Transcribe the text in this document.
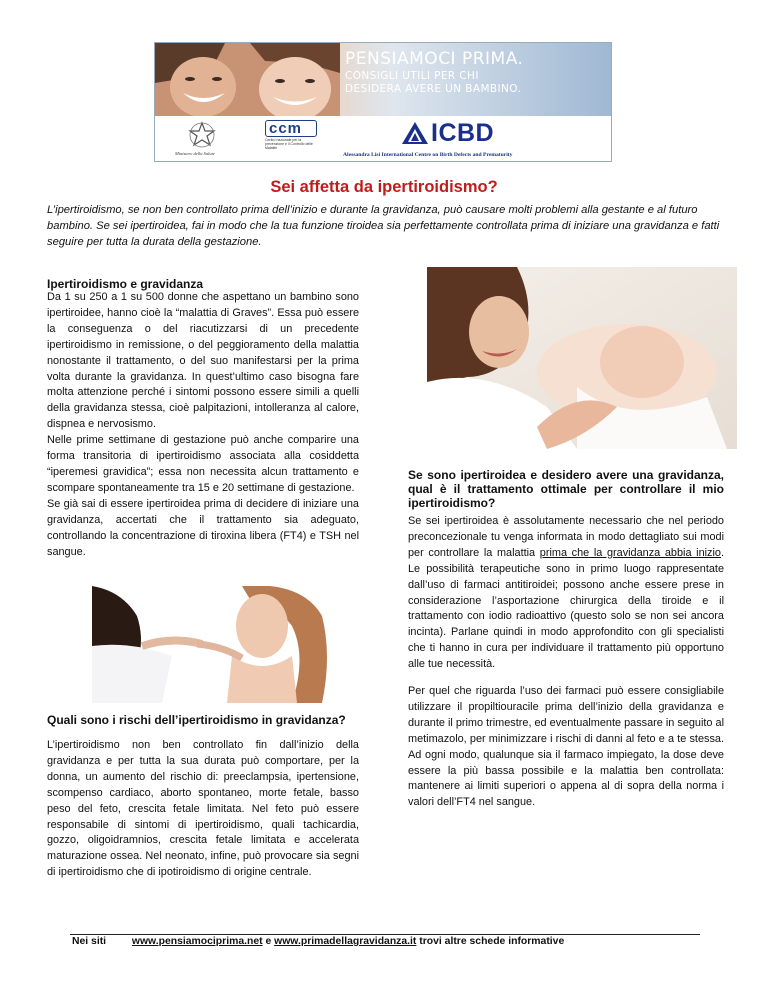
PENSIAMOCI PRIMA.
CONSIGLI UTILI PER CHI
DESIDERA AVERE UN BAMBINO.
Ministero della Salute
ccm
Centro nazionale per la prevenzione e il Controllo delle Malattie
ICBD
Alessandra Lisi International Centre on Birth Defects and Prematurity
Sei affetta da ipertiroidismo?
L’ipertiroidismo, se non ben controllato prima dell’inizio e durante la gravidanza, può causare molti problemi alla gestante e al futuro bambino. Se sei ipertiroidea, fai in modo che la tua funzione tiroidea sia perfettamente controllata prima di iniziare una gravidanza e fatti seguire per tutta la durata della gestazione.
Ipertiroidismo e gravidanza
Da 1 su 250 a 1 su 500 donne che aspettano un bambino sono ipertiroidee, hanno cioè la “malattia di Graves”. Essa può essere la conseguenza o del riacutizzarsi di un precedente ipertiroidismo in remissione, o del peggioramento della malattia nonostante il trattamento, o del suo manifestarsi per la prima volta durante la gravidanza. In quest’ultimo caso bisogna fare molta attenzione perché i sintomi possono essere simili a quelli della gravidanza stessa, cioè palpitazioni, intolleranza al calore, dispnea e nervosismo.
Nelle prime settimane di gestazione può anche comparire una forma transitoria di ipertiroidismo associata alla cosiddetta “iperemesi gravidica”; essa non necessita alcun trattamento e scompare spontaneamente tra 15 e 20 settimane di gestazione.
Se già sai di essere ipertiroidea prima di decidere di iniziare una gravidanza, accertati che il trattamento sia adeguato, controllando la concentrazione di tiroxina libera (FT4) e TSH nel sangue.
Quali sono i rischi dell’ipertiroidismo in gravidanza?
L’ipertiroidismo non ben controllato fin dall’inizio della gravidanza e per tutta la sua durata può comportare, per la donna, un aumento del rischio di: preeclampsia, ipertensione, scompenso cardiaco, aborto spontaneo, morte fetale, basso peso del feto, crescita fetale limitata. Nel feto può essere responsabile di sintomi di ipertiroidismo, quali tachicardia, gozzo, oligoidramnios, crescita fetale limitata e accelerata maturazione ossea. Nel neonato, infine, può provocare sia segni di ipertiroidismo che di ipotiroidismo di origine centrale.
Se sono ipertiroidea e desidero avere una gravidanza, qual è il trattamento ottimale per controllare il mio ipertiroidismo?
Se sei ipertiroidea è assolutamente necessario che nel periodo preconcezionale tu venga informata in modo dettagliato sui modi per controllare la malattia prima che la gravidanza abbia inizio. Le possibilità terapeutiche sono in primo luogo rappresentate dall’uso di farmaci antitiroidei; possono anche essere prese in considerazione l’asportazione chirurgica della tiroide e il trattamento con iodio radioattivo (questo solo se non sei ancora incinta). Parlane quindi in modo approfondito con gli specialisti che ti hanno in cura per individuare il trattamento più opportuno alle tue necessità.
Per quel che riguarda l’uso dei farmaci può essere consigliabile utilizzare il propiltiouracile prima dell’inizio della gravidanza e durante il primo trimestre, ed eventualmente passare in seguito al metimazolo, per minimizzare i rischi di danni al feto e a te stessa. Ad ogni modo, qualunque sia il farmaco impiegato, la dose deve essere la più bassa possibile e la malattia ben controllata: mantenere ai limiti superiori o appena al di sopra della norma i valori dell’FT4 nel sangue.
Nei siti www.pensiamociprima.net e www.primadellagravidanza.it trovi altre schede informative
